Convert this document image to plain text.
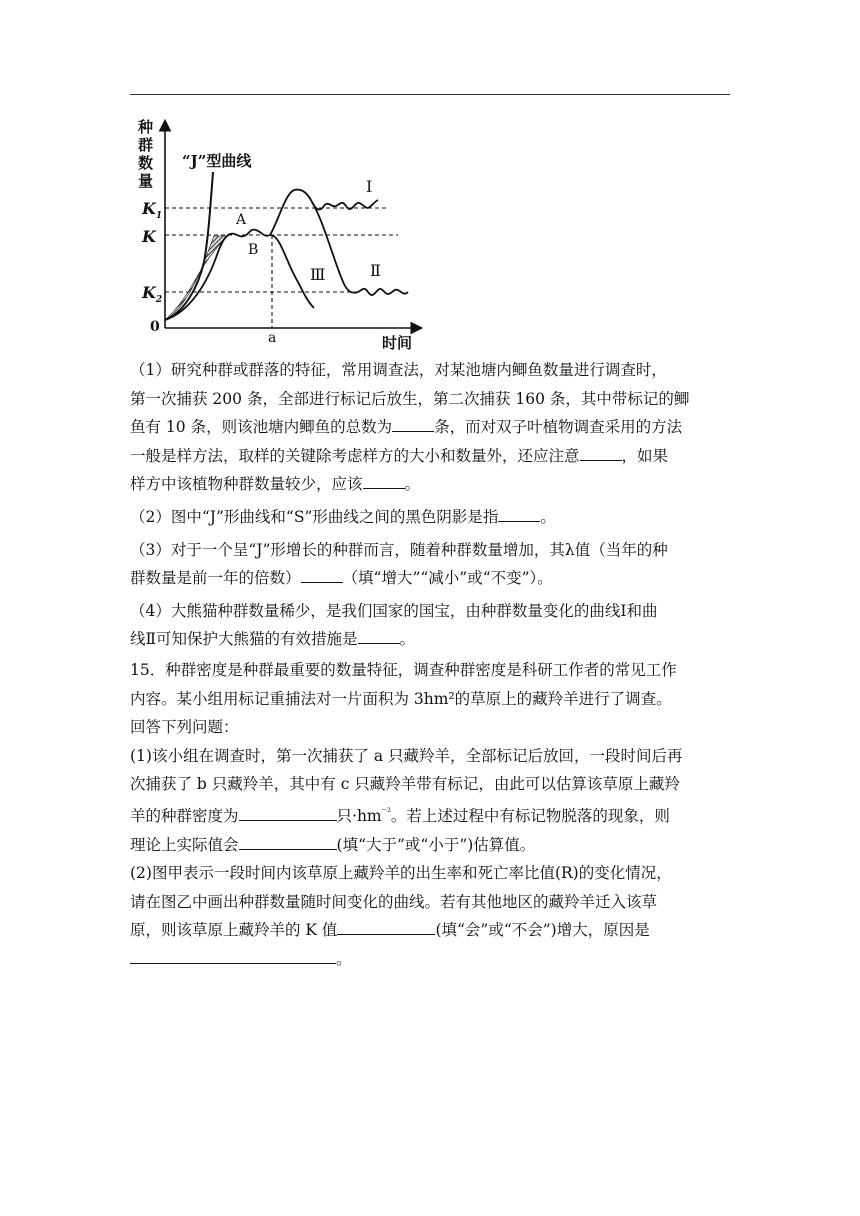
种
群
数
量
时间
0
$K_1$
K
$K_2$
“J”型曲线
Ⅰ
Ⅱ
Ⅲ
A
B
a

（1）研究种群或群落的特征，常用调查法，对某池塘内鲫鱼数量进行调查时，
第一次捕获 200 条，全部进行标记后放生，第二次捕获 160 条，其中带标记的鲫
鱼有 10 条，则该池塘内鲫鱼的总数为	条，而对双子叶植物调查采用的方法
一般是样方法，取样的关键除考虑样方的大小和数量外，还应注意	，如果
样方中该植物种群数量较少，应该	。

（2）图中“J”形曲线和“S”形曲线之间的黑色阴影是指	。

（3）对于一个呈“J”形增长的种群而言，随着种群数量增加，其λ值（当年的种
群数量是前一年的倍数）	（填“增大”“减小”或“不变”）。

（4）大熊猫种群数量稀少，是我们国家的国宝，由种群数量变化的曲线Ⅰ和曲
线Ⅱ可知保护大熊猫的有效措施是	。

15．种群密度是种群最重要的数量特征，调查种群密度是科研工作者的常见工作
内容。某小组用标记重捕法对一片面积为 3hm²的草原上的藏羚羊进行了调查。
回答下列问题：
(1)该小组在调查时，第一次捕获了 a 只藏羚羊，全部标记后放回，一段时间后再
次捕获了 b 只藏羚羊，其中有 c 只藏羚羊带有标记，由此可以估算该草原上藏羚
羊的种群密度为	只$\cdot hm^{^{-2}}$。若上述过程中有标记物脱落的现象，则
理论上实际值会	(填“大于”或“小于”)估算值。
(2)图甲表示一段时间内该草原上藏羚羊的出生率和死亡率比值(R)的变化情况，
请在图乙中画出种群数量随时间变化的曲线。若有其他地区的藏羚羊迁入该草
原，则该草原上藏羚羊的 K 值	(填“会”或“不会”)增大，原因是
。
